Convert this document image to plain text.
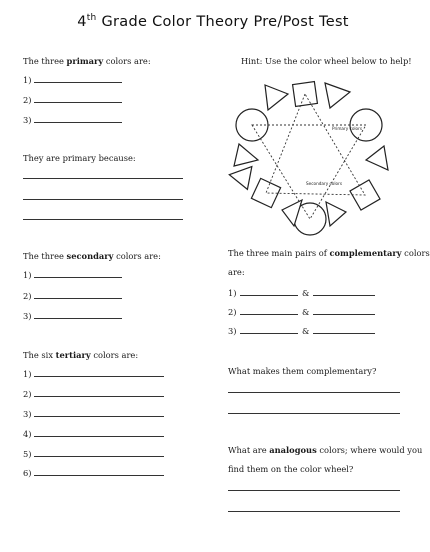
4th Grade Color Theory Pre/Post Test
The three primary colors are:
1)
2)
3)
They are primary because:
The three secondary colors are:
1)
2)
3)
The six tertiary colors are:
1)
2)
3)
4)
5)
6)
Hint: Use the color wheel below to help!
Primary colors
Secondary colors
The three main pairs of complementary colors
are:
1)	&
2)	&
3)	&
What makes them complementary?
What are analogous colors; where would you
find them on the color wheel?
